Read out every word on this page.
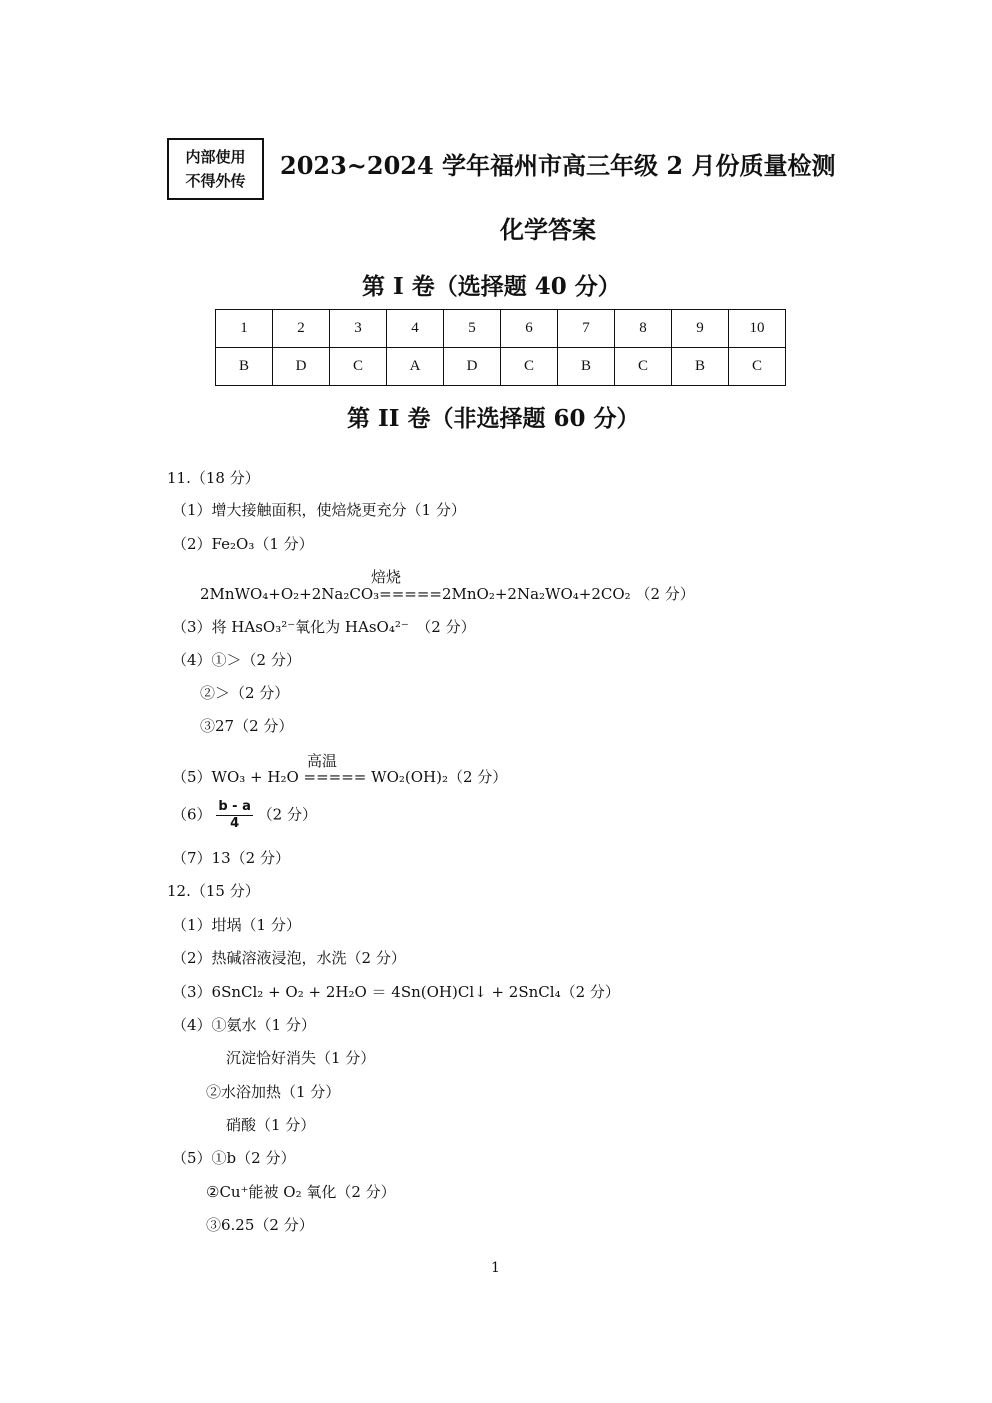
内部使用
不得外传
2023~2024 学年福州市高三年级 2 月份质量检测
化学答案
第 I 卷（选择题 40 分）
1	2	3	4	5	6	7	8	9	10
B	D	C	A	D	C	B	C	B	C
第 II 卷（非选择题 60 分）
11.（18 分）
（1）增大接触面积，使焙烧更充分（1 分）
（2）Fe₂O₃（1 分）
焙烧
2MnWO₄+O₂+2Na₂CO₃=====2MnO₂+2Na₂WO₄+2CO₂ （2 分）
（3）将 HAsO₃²⁻氧化为 HAsO₄²⁻　（2 分）
（4）①＞（2 分）
②＞（2 分）
③27（2 分）
高温
（5）WO₃ + H₂O ===== WO₂(OH)₂（2 分）
$(6) \frac{b - a}{4} (2$ 分）
（7）13（2 分）
12.（15 分）
（1）坩埚（1 分）
（2）热碱溶液浸泡，水洗（2 分）
（3）6SnCl₂ + O₂ + 2H₂O ＝ 4Sn(OH)Cl↓ + 2SnCl₄（2 分）
（4）①氨水（1 分）
沉淀恰好消失（1 分）
②水浴加热（1 分）
硝酸（1 分）
（5）①b（2 分）
②Cu⁺能被 O₂ 氧化（2 分）
③6.25（2 分）
1
